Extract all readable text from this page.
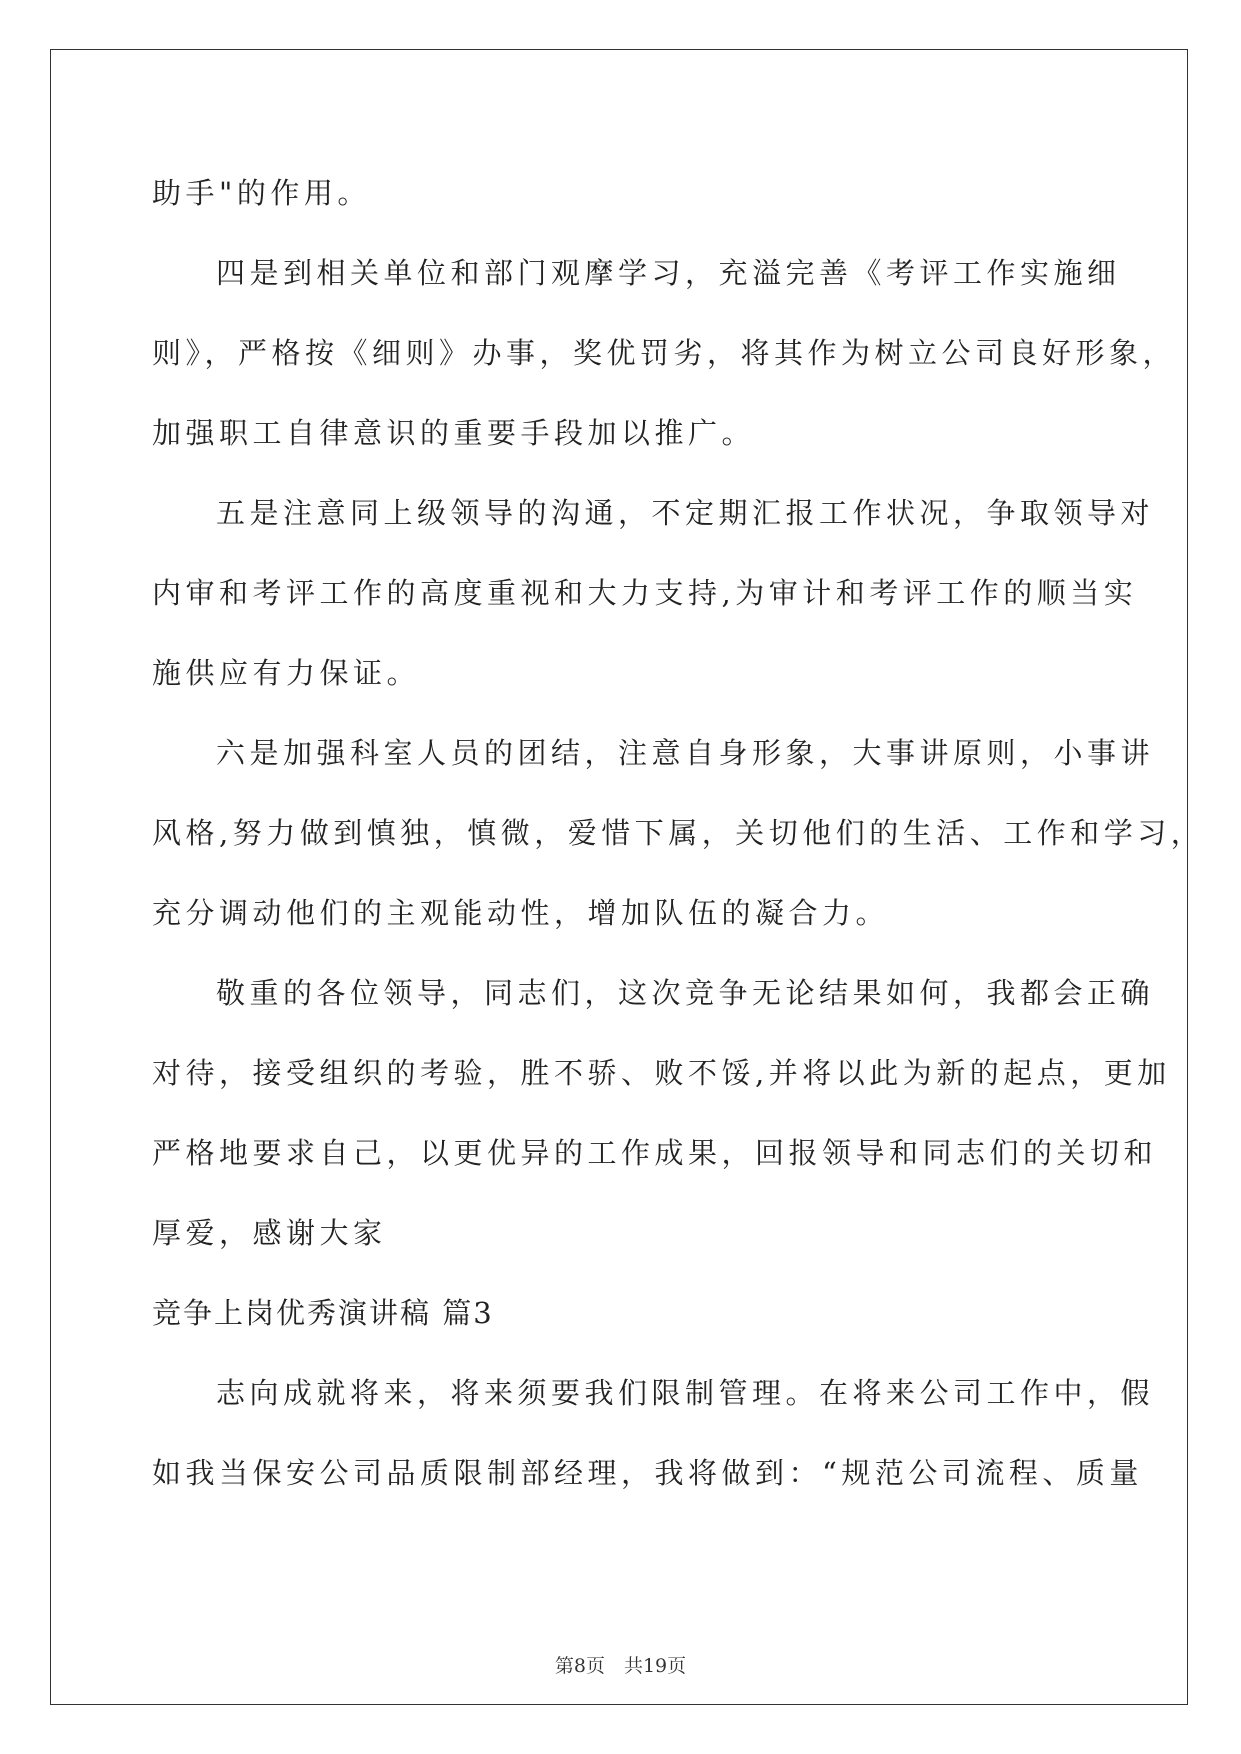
助手"的作用。
四是到相关单位和部门观摩学习，充溢完善《考评工作实施细
则》，严格按《细则》办事，奖优罚劣，将其作为树立公司良好形象，
加强职工自律意识的重要手段加以推广。
五是注意同上级领导的沟通，不定期汇报工作状况，争取领导对
内审和考评工作的高度重视和大力支持,为审计和考评工作的顺当实
施供应有力保证。
六是加强科室人员的团结，注意自身形象，大事讲原则，小事讲
风格,努力做到慎独，慎微，爱惜下属，关切他们的生活、工作和学习，
充分调动他们的主观能动性，增加队伍的凝合力。
敬重的各位领导，同志们，这次竞争无论结果如何，我都会正确
对待，接受组织的考验，胜不骄、败不馁,并将以此为新的起点，更加
严格地要求自己，以更优异的工作成果，回报领导和同志们的关切和
厚爱，感谢大家
竞争上岗优秀演讲稿 篇3
志向成就将来，将来须要我们限制管理。在将来公司工作中，假
如我当保安公司品质限制部经理，我将做到：“规范公司流程、质量
第8页　共19页
